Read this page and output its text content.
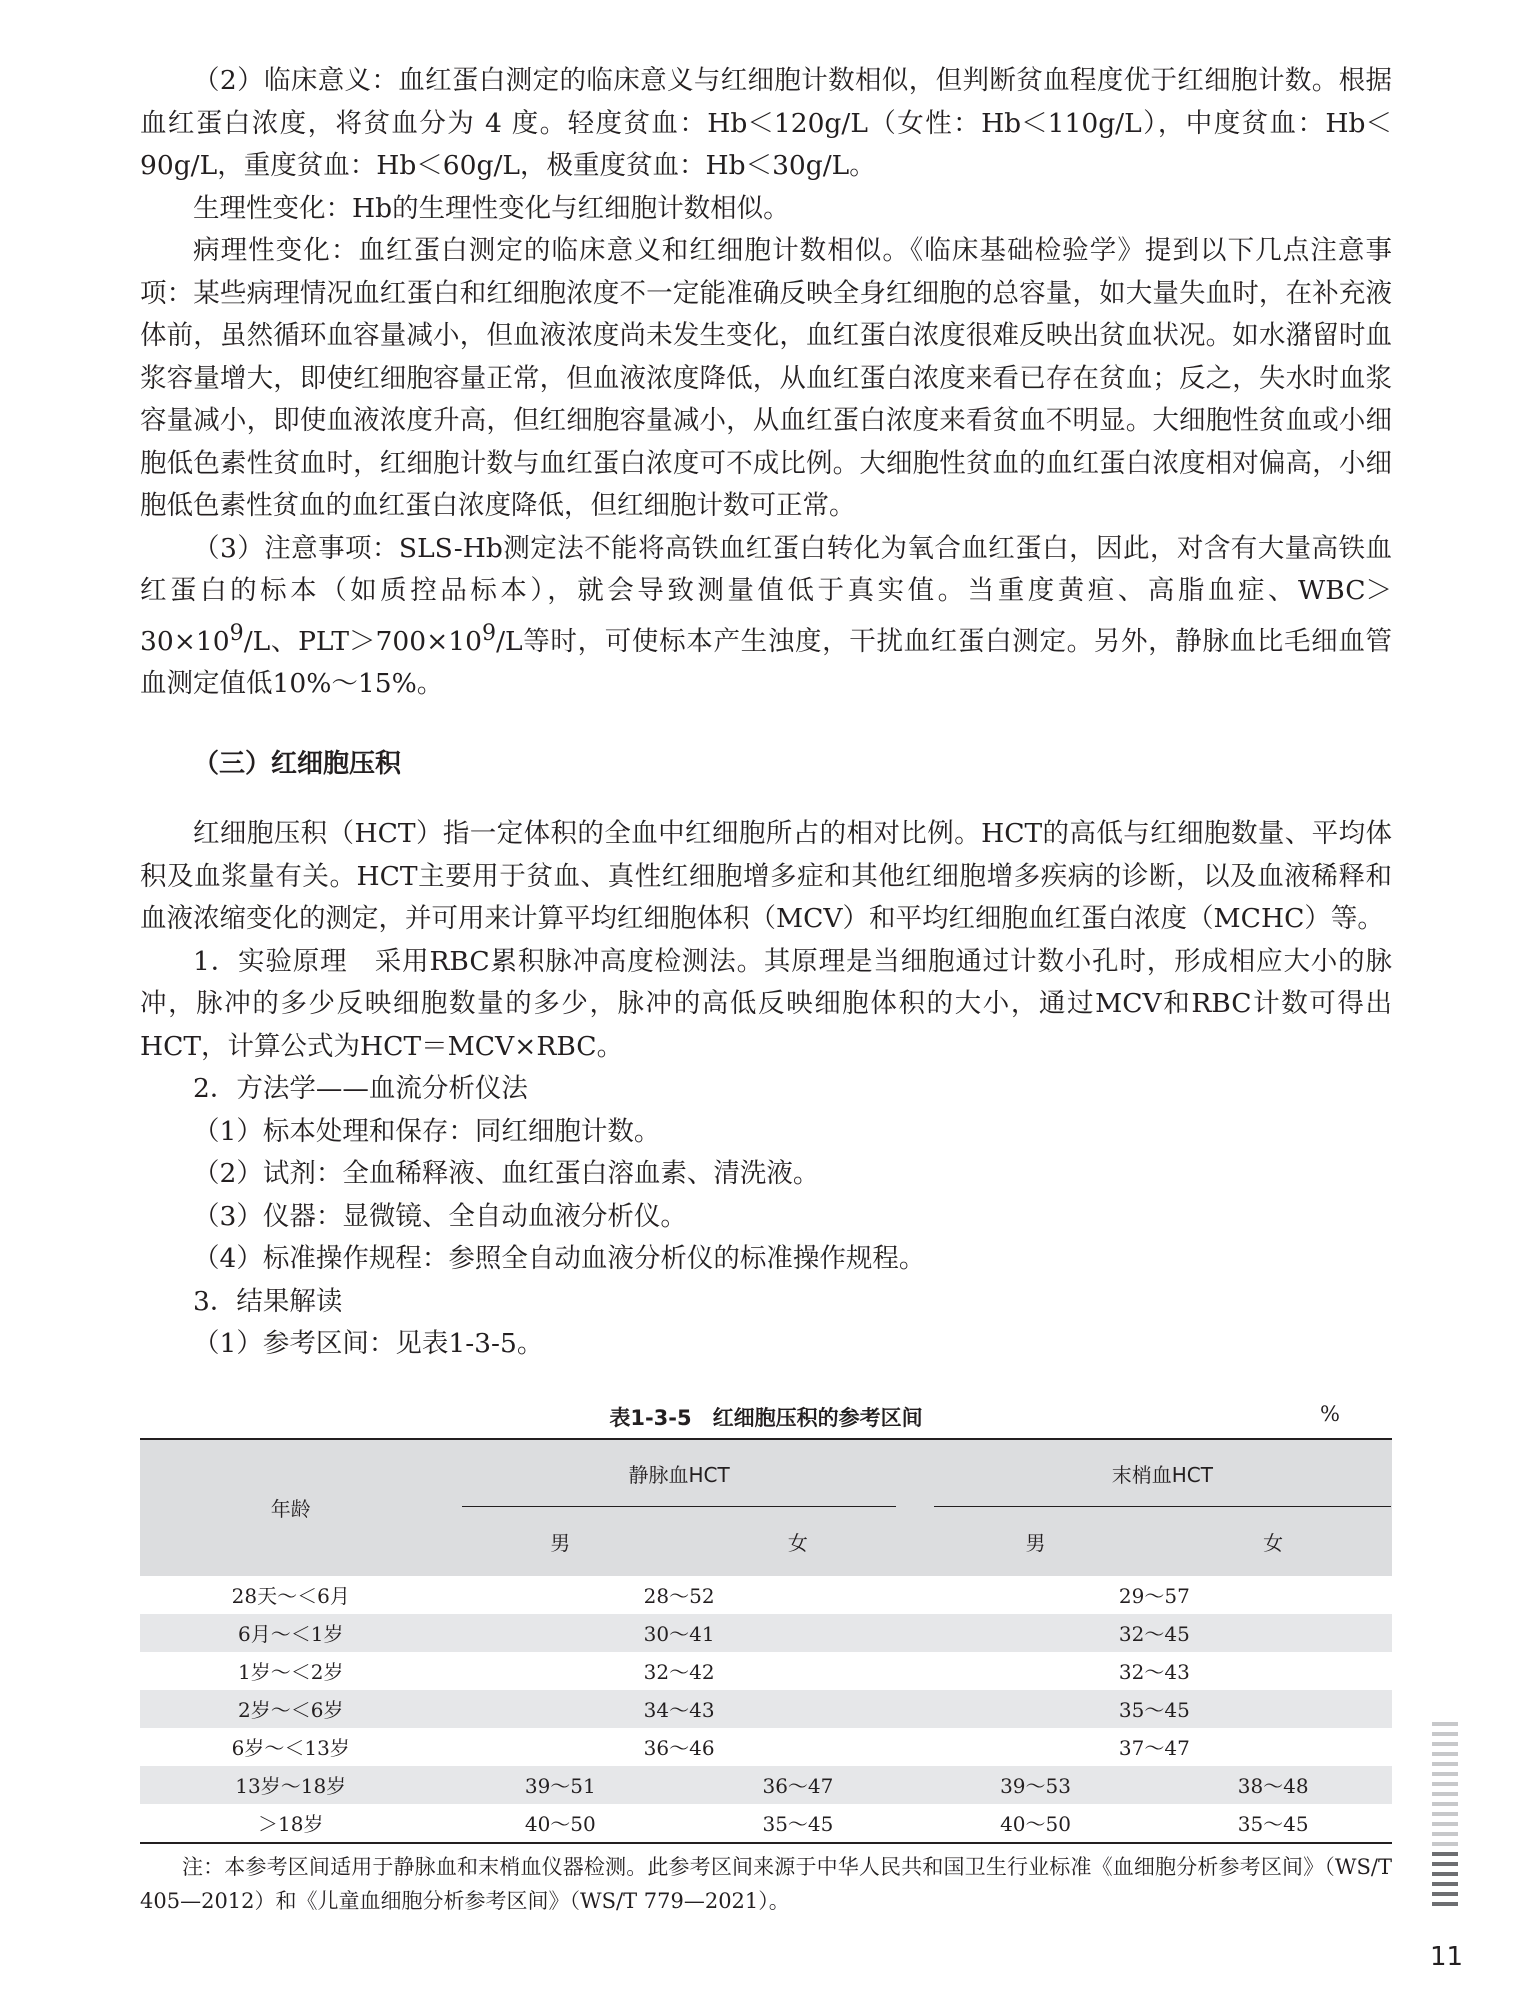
（2）临床意义：血红蛋白测定的临床意义与红细胞计数相似，但判断贫血程度优于红细胞计数。根据血红蛋白浓度，将贫血分为 4 度。轻度贫血：Hb＜120g/L（女性：Hb＜110g/L），中度贫血：Hb＜90g/L，重度贫血：Hb＜60g/L，极重度贫血：Hb＜30g/L。

生理性变化：Hb的生理性变化与红细胞计数相似。

病理性变化：血红蛋白测定的临床意义和红细胞计数相似。《临床基础检验学》提到以下几点注意事项：某些病理情况血红蛋白和红细胞浓度不一定能准确反映全身红细胞的总容量，如大量失血时，在补充液体前，虽然循环血容量减小，但血液浓度尚未发生变化，血红蛋白浓度很难反映出贫血状况。如水潴留时血浆容量增大，即使红细胞容量正常，但血液浓度降低，从血红蛋白浓度来看已存在贫血；反之，失水时血浆容量减小，即使血液浓度升高，但红细胞容量减小，从血红蛋白浓度来看贫血不明显。大细胞性贫血或小细胞低色素性贫血时，红细胞计数与血红蛋白浓度可不成比例。大细胞性贫血的血红蛋白浓度相对偏高，小细胞低色素性贫血的血红蛋白浓度降低，但红细胞计数可正常。

（3）注意事项：SLS-Hb测定法不能将高铁血红蛋白转化为氧合血红蛋白，因此，对含有大量高铁血红蛋白的标本（如质控品标本），就会导致测量值低于真实值。当重度黄疸、高脂血症、$WBC>30\times 10^9/L$、$PLT>700\times 10^9/L$等时，可使标本产生浊度，干扰血红蛋白测定。另外，静脉血比毛细血管血测定值低10%～15%。

（三）红细胞压积

红细胞压积（HCT）指一定体积的全血中红细胞所占的相对比例。HCT的高低与红细胞数量、平均体积及血浆量有关。HCT主要用于贫血、真性红细胞增多症和其他红细胞增多疾病的诊断，以及血液稀释和血液浓缩变化的测定，并可用来计算平均红细胞体积（MCV）和平均红细胞血红蛋白浓度（MCHC）等。

1．实验原理　采用RBC累积脉冲高度检测法。其原理是当细胞通过计数小孔时，形成相应大小的脉冲，脉冲的多少反映细胞数量的多少，脉冲的高低反映细胞体积的大小，通过MCV和RBC计数可得出HCT，计算公式为HCT＝MCV×RBC。

2．方法学——血流分析仪法

（1）标本处理和保存：同红细胞计数。

（2）试剂：全血稀释液、血红蛋白溶血素、清洗液。

（3）仪器：显微镜、全自动血液分析仪。

（4）标准操作规程：参照全自动血液分析仪的标准操作规程。

3．结果解读

（1）参考区间：见表1-3-5。

表1-3-5　红细胞压积的参考区间	%
年龄	静脉血HCT		末梢血HCT	

	男	女	男	女
28天～＜6月	28～52		29～57	
6月～＜1岁	30～41		32～45	
1岁～＜2岁	32～42		32～43	
2岁～＜6岁	34～43		35～45	
6岁～＜13岁	36～46		37～47	
13岁～18岁	39～51	36～47	39～53	38～48
＞18岁	40～50	35～45	40～50	35～45

注：本参考区间适用于静脉血和末梢血仪器检测。此参考区间来源于中华人民共和国卫生行业标准《血细胞分析参考区间》（WS/T 405—2012）和《儿童血细胞分析参考区间》（WS/T 779—2021）。

11
